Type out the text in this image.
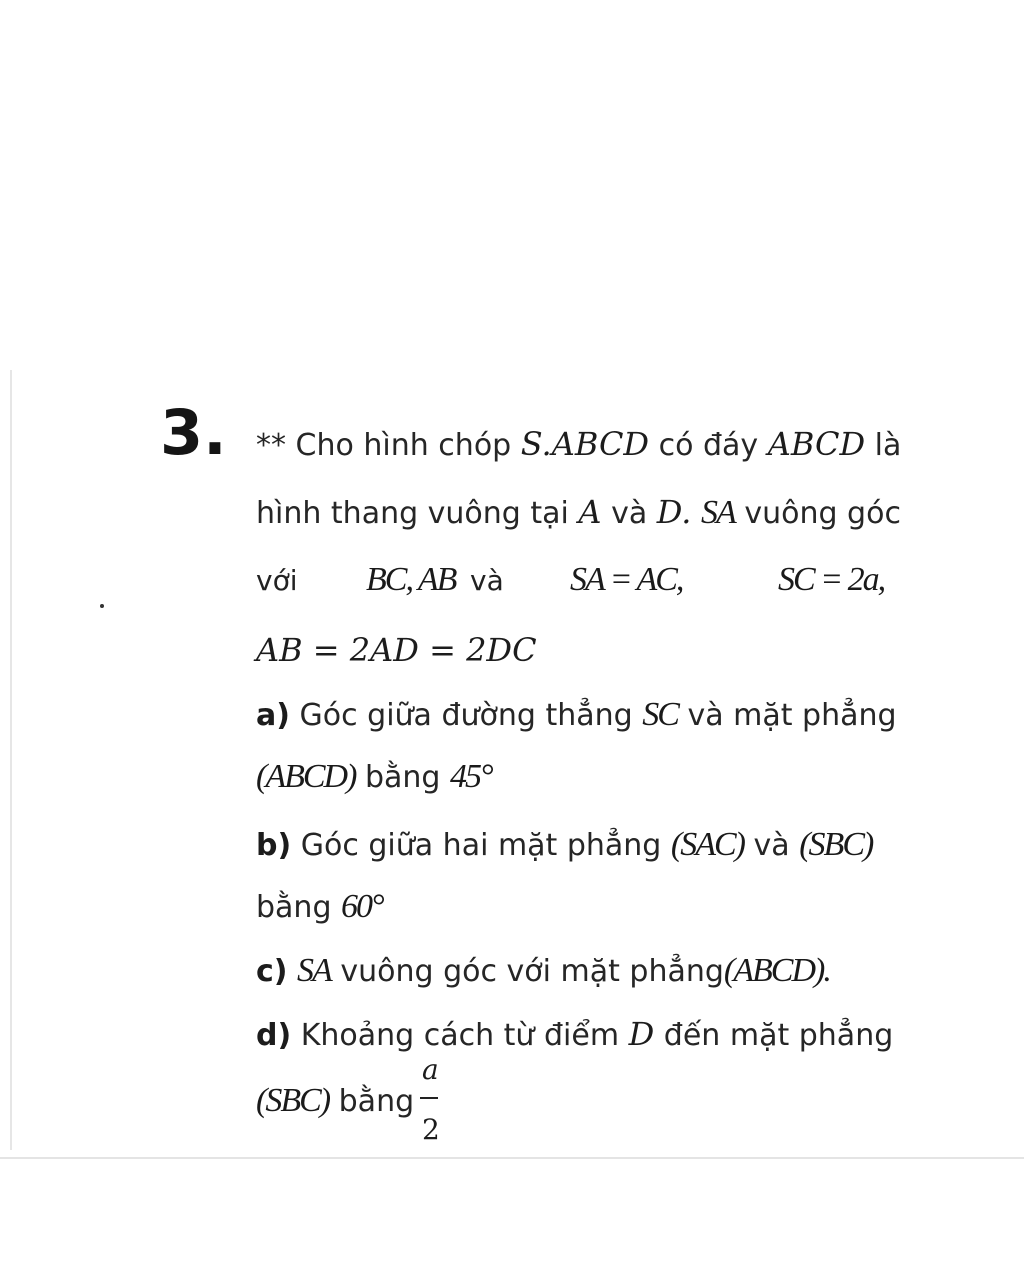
3. ** Cho hình chóp S.ABCD có đáy ABCD là
hình thang vuông tại A và D. SA vuông góc
với BC, AB và SA = AC,	SC = 2a,
AB = 2AD = 2DC
a) Góc giữa đường thẳng SC và mặt phẳng
(ABCD) bằng 45°
b) Góc giữa hai mặt phẳng (SAC) và (SBC)
bằng 60°
c) SA vuông góc với mặt phẳng(ABCD).
d) Khoảng cách từ điểm D đến mặt phẳng
(SBC) bằng
a
2
